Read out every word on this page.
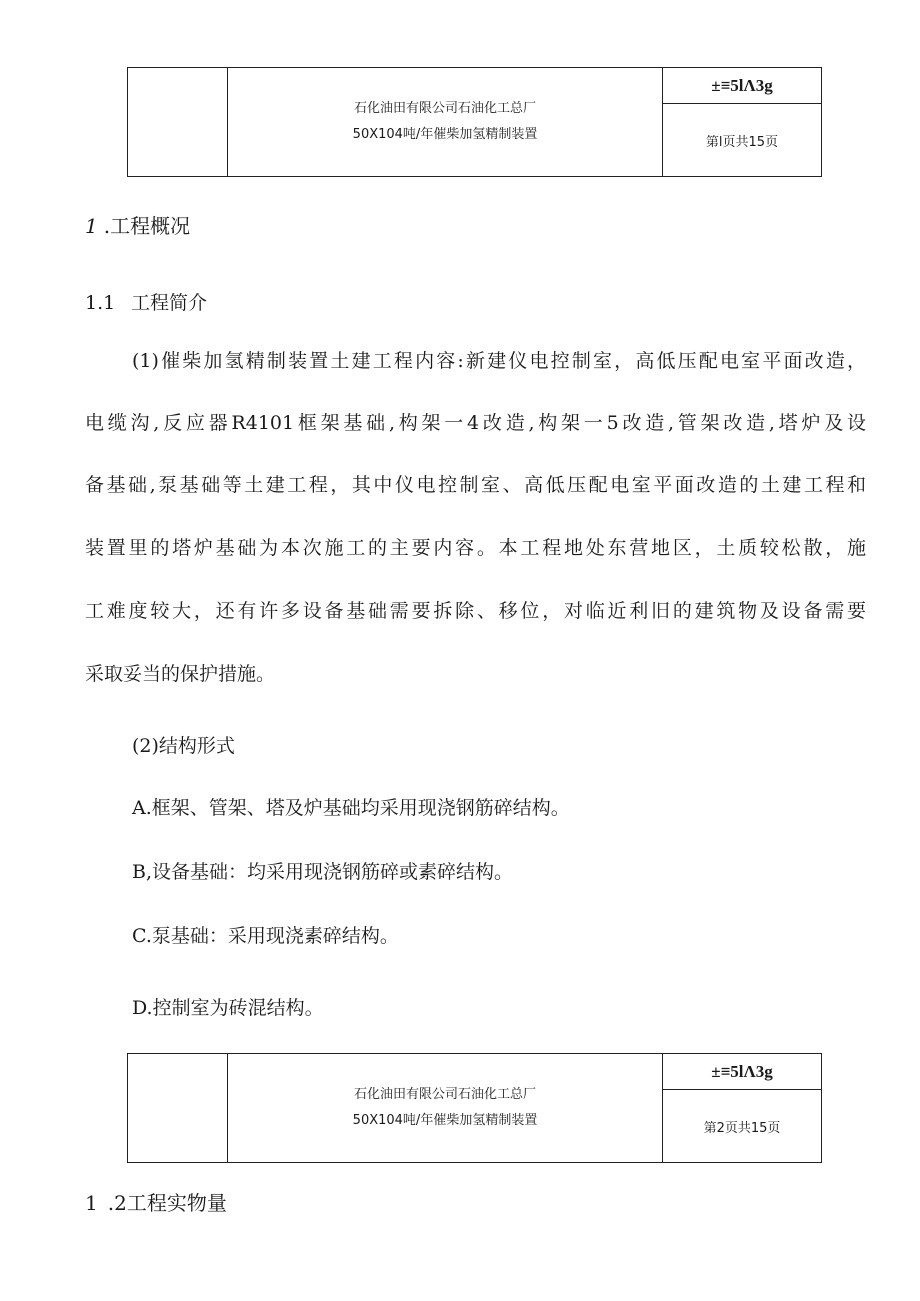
石化油田有限公司石油化工总厂
50X104吨/年催柴加氢精制装置
±≡5lΛ3g
第l页共15页
1 .工程概况
1.1 工程简介
(1)催柴加氢精制装置土建工程内容:新建仪电控制室，高低压配电室平面改造，
电缆沟,反应器R4101框架基础,构架一4改造,构架一5改造,管架改造,塔炉及设
备基础,泵基础等土建工程，其中仪电控制室、高低压配电室平面改造的土建工程和
装置里的塔炉基础为本次施工的主要内容。本工程地处东营地区，土质较松散，施
工难度较大，还有许多设备基础需要拆除、移位，对临近利旧的建筑物及设备需要
采取妥当的保护措施。
(2)结构形式
A.框架、管架、塔及炉基础均采用现浇钢筋碎结构。
B,设备基础：均采用现浇钢筋碎或素碎结构。
C.泵基础：采用现浇素碎结构。
D.控制室为砖混结构。
石化油田有限公司石油化工总厂
50X104吨/年催柴加氢精制装置
±≡5lΛ3g
第2页共15页
1 .2工程实物量
